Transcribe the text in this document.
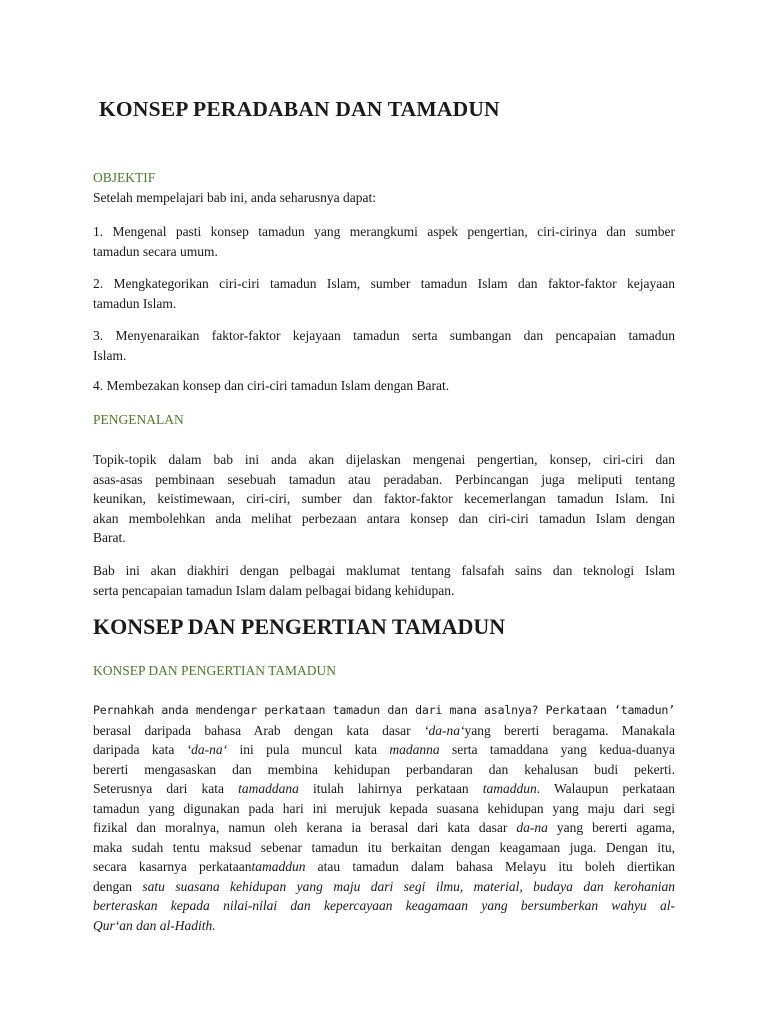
KONSEP PERADABAN DAN TAMADUN

OBJEKTIF

Setelah mempelajari bab ini, anda seharusnya dapat:

1. Mengenal pasti konsep tamadun yang merangkumi aspek pengertian, ciri-cirinya dan sumber
tamadun secara umum.

2. Mengkategorikan ciri-ciri tamadun Islam, sumber tamadun Islam dan faktor-faktor kejayaan
tamadun Islam.

3. Menyenaraikan faktor-faktor kejayaan tamadun serta sumbangan dan pencapaian tamadun
Islam.

4. Membezakan konsep dan ciri-ciri tamadun Islam dengan Barat.

PENGENALAN

Topik-topik dalam bab ini anda akan dijelaskan mengenai pengertian, konsep, ciri-ciri dan
asas-asas pembinaan sesebuah tamadun atau peradaban. Perbincangan juga meliputi tentang
keunikan, keistimewaan, ciri-ciri, sumber dan faktor-faktor kecemerlangan tamadun Islam. Ini
akan membolehkan anda melihat perbezaan antara konsep dan ciri-ciri tamadun Islam dengan
Barat.

Bab ini akan diakhiri dengan pelbagai maklumat tentang falsafah sains dan teknologi Islam
serta pencapaian tamadun Islam dalam pelbagai bidang kehidupan.

KONSEP DAN PENGERTIAN TAMADUN

KONSEP DAN PENGERTIAN TAMADUN

Pernahkah anda mendengar perkataan tamadun dan dari mana asalnya? Perkataan ‘tamadun’
berasal daripada bahasa Arab dengan kata dasar ‘da-na‘yang bererti beragama. Manakala
daripada kata ‘da-na‘ ini pula muncul kata madanna serta tamaddana yang kedua-duanya
bererti mengasaskan dan membina kehidupan perbandaran dan kehalusan budi pekerti.
Seterusnya dari kata tamaddana itulah lahirnya perkataan tamaddun. Walaupun perkataan
tamadun yang digunakan pada hari ini merujuk kepada suasana kehidupan yang maju dari segi
fizikal dan moralnya, namun oleh kerana ia berasal dari kata dasar da-na yang bererti agama,
maka sudah tentu maksud sebenar tamadun itu berkaitan dengan keagamaan juga. Dengan itu,
secara kasarnya perkataantamaddun atau tamadun dalam bahasa Melayu itu boleh diertikan
dengan satu suasana kehidupan yang maju dari segi ilmu, material, budaya dan kerohanian
berteraskan kepada nilai-nilai dan kepercayaan keagamaan yang bersumberkan wahyu al-
Qur‘an dan al-Hadith.
